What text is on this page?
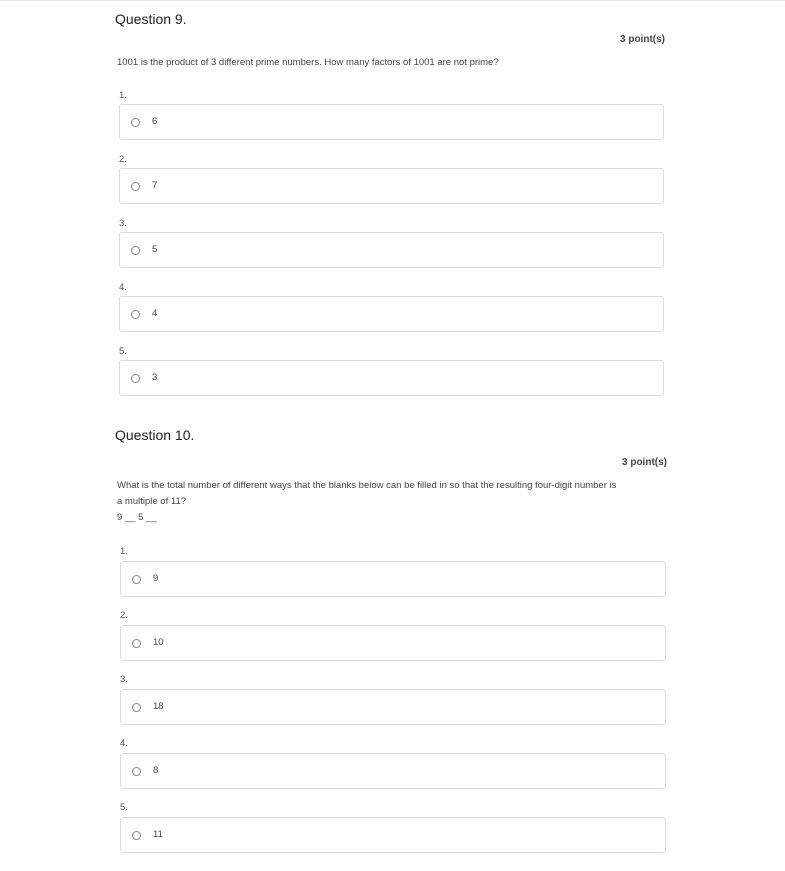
Question 9.
3 point(s)
1001 is the product of 3 different prime numbers. How many factors of 1001 are not prime?
1.
6
2.
7
3.
5
4.
4
5.
3
Question 10.
3 point(s)
What is the total number of different ways that the blanks below can be filled in so that the resulting four-digit number is
a multiple of 11?
9 __ 5 __
1.
9
2.
10
3.
18
4.
8
5.
11
